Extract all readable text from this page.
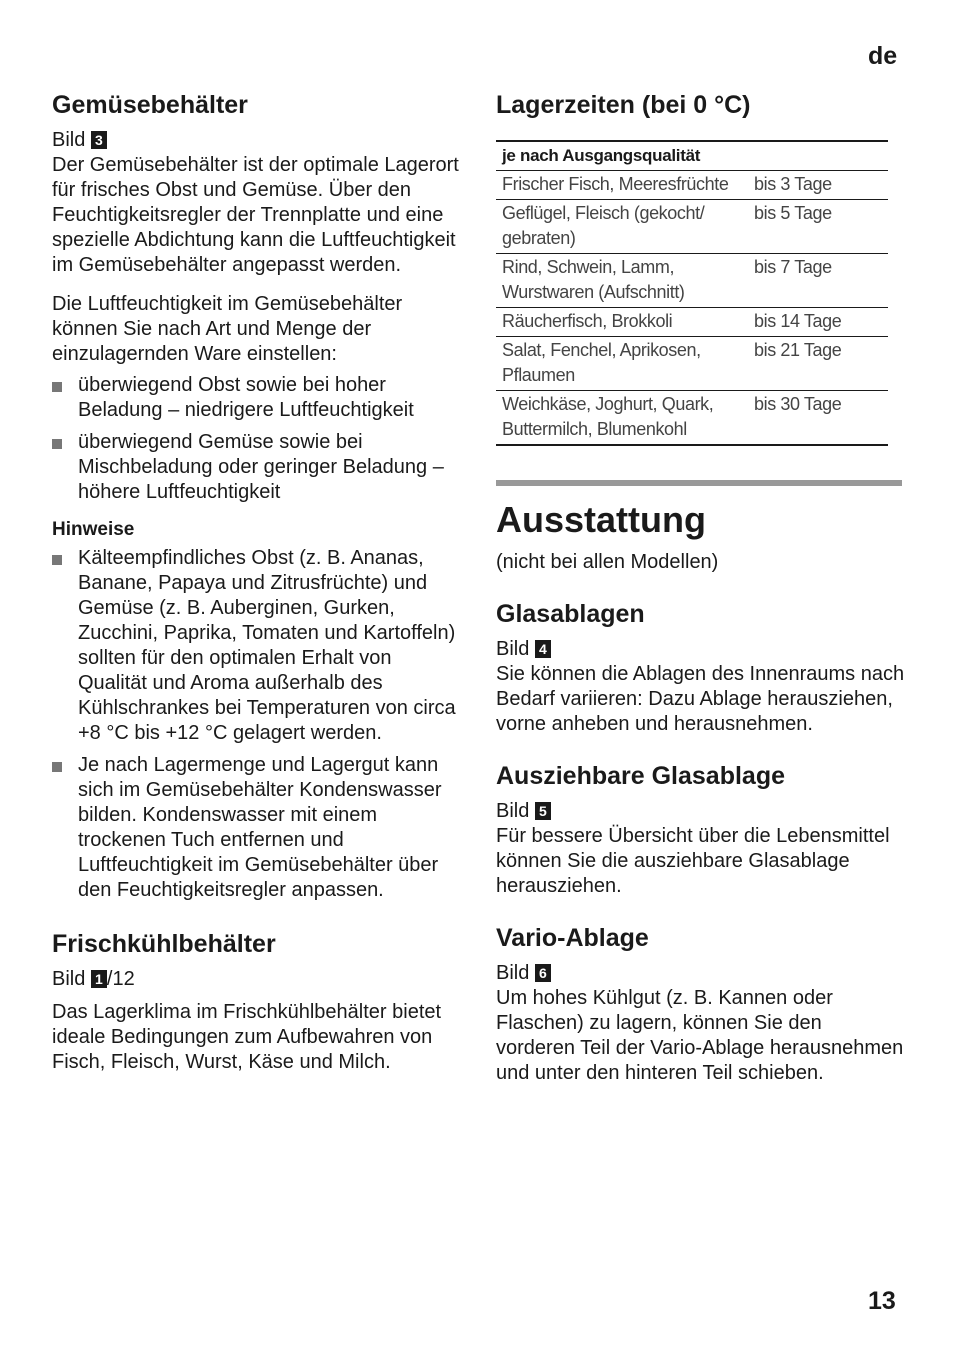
de
Gemüsebehälter
Bild 3

Der Gemüsebehälter ist der optimale Lagerort für frisches Obst und Gemüse. Über den Feuchtigkeitsregler der Trennplatte und eine spezielle Abdichtung kann die Luftfeuchtigkeit im Gemüsebehälter angepasst werden.

Die Luftfeuchtigkeit im Gemüsebehälter können Sie nach Art und Menge der einzulagernden Ware einstellen:

überwiegend Obst sowie bei hoher Beladung – niedrigere Luftfeuchtigkeit
überwiegend Gemüse sowie bei Mischbeladung oder geringer Beladung – höhere Luftfeuchtigkeit
Hinweise
Kälteempfindliches Obst (z. B. Ananas, Banane, Papaya und Zitrusfrüchte) und Gemüse (z. B. Auberginen, Gurken, Zucchini, Paprika, Tomaten und Kartoffeln) sollten für den optimalen Erhalt von Qualität und Aroma außerhalb des Kühlschrankes bei Temperaturen von circa +8 °C bis +12 °C gelagert werden.
Je nach Lagermenge und Lagergut kann sich im Gemüsebehälter Kondenswasser bilden. Kondenswasser mit einem trockenen Tuch entfernen und Luftfeuchtigkeit im Gemüsebehälter über den Feuchtigkeitsregler anpassen.
Frischkühlbehälter
Bild 1 /12

Das Lagerklima im Frischkühlbehälter bietet ideale Bedingungen zum Aufbewahren von Fisch, Fleisch, Wurst, Käse und Milch.

Lagerzeiten (bei 0 °C)
je nach Ausgangsqualität	
Frischer Fisch, Meeresfrüchte	bis 3 Tage
Geflügel, Fleisch (gekocht/ gebraten)	bis 5 Tage
Rind, Schwein, Lamm, Wurstwaren (Aufschnitt)	bis 7 Tage
Räucherfisch, Brokkoli	bis 14 Tage
Salat, Fenchel, Aprikosen, Pflaumen	bis 21 Tage
Weichkäse, Joghurt, Quark, Buttermilch, Blumenkohl	bis 30 Tage
Ausstattung

(nicht bei allen Modellen)

Glasablagen
Bild 4

Sie können die Ablagen des Innenraums nach Bedarf variieren: Dazu Ablage herausziehen, vorne anheben und herausnehmen.

Ausziehbare Glasablage
Bild 5

Für bessere Übersicht über die Lebensmittel können Sie die ausziehbare Glasablage herausziehen.

Vario-Ablage
Bild 6

Um hohes Kühlgut (z. B. Kannen oder Flaschen) zu lagern, können Sie den vorderen Teil der Vario-Ablage herausnehmen und unter den hinteren Teil schieben.

13
